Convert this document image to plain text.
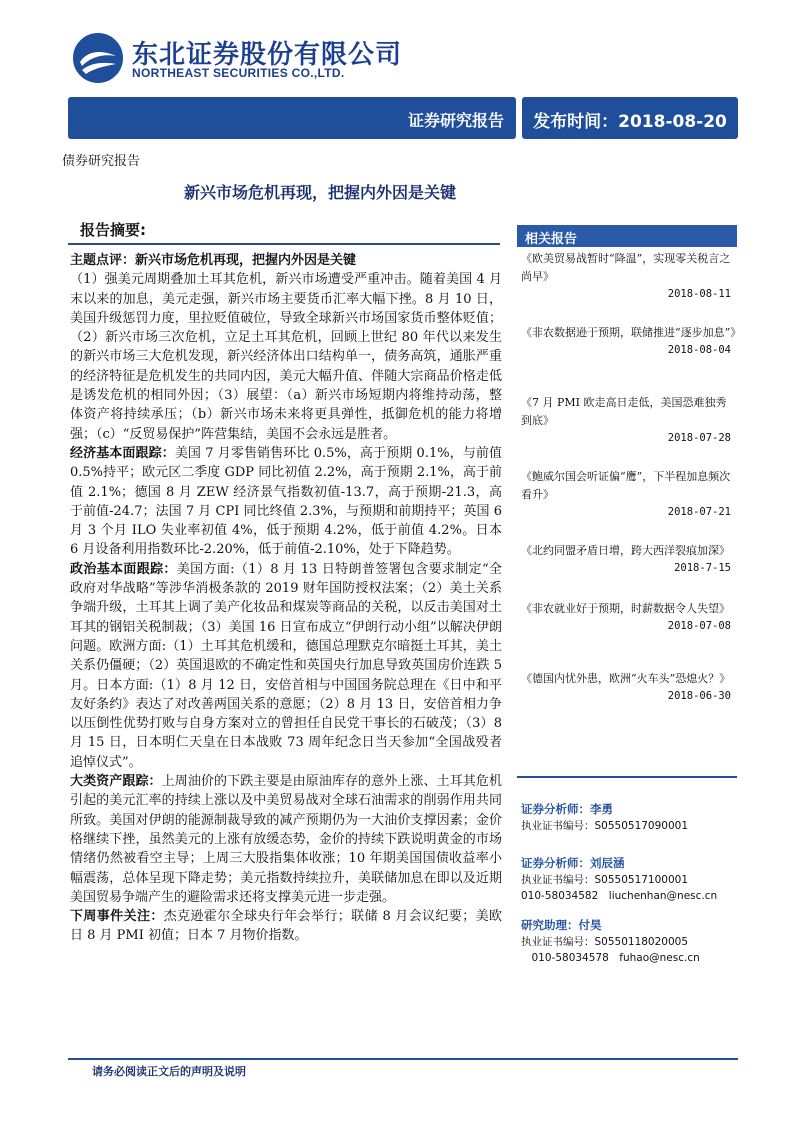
东北证券股份有限公司
NORTHEAST SECURITIES CO.,LTD.
证券研究报告	发布时间：2018-08-20
债券研究报告
新兴市场危机再现，把握内外因是关键
报告摘要:

主题点评：新兴市场危机再现，把握内外因是关键
（1）强美元周期叠加土耳其危机，新兴市场遭受严重冲击。随着美国 4 月末以来的加息，美元走强，新兴市场主要货币汇率大幅下挫。8 月 10 日，美国升级惩罚力度，里拉贬值破位，导致全球新兴市场国家货币整体贬值；（2）新兴市场三次危机，立足土耳其危机，回顾上世纪 80 年代以来发生的新兴市场三大危机发现，新兴经济体出口结构单一，债务高筑，通胀严重的经济特征是危机发生的共同内因，美元大幅升值、伴随大宗商品价格走低是诱发危机的相同外因；（3）展望：（a）新兴市场短期内将维持动荡，整体资产将持续承压；（b）新兴市场未来将更具弹性，抵御危机的能力将增强；（c）“反贸易保护”阵营集结，美国不会永远是胜者。

经济基本面跟踪：美国 7 月零售销售环比 0.5%，高于预期 0.1%，与前值 0.5%持平；欧元区二季度 GDP 同比初值 2.2%，高于预期 2.1%，高于前值 2.1%；德国 8 月 ZEW 经济景气指数初值-13.7，高于预期-21.3，高于前值-24.7；法国 7 月 CPI 同比终值 2.3%，与预期和前期持平；英国 6 月 3 个月 ILO 失业率初值 4%，低于预期 4.2%，低于前值 4.2%。日本 6 月设备利用指数环比-2.20%，低于前值-2.10%，处于下降趋势。

政治基本面跟踪：美国方面:（1）8 月 13 日特朗普签署包含要求制定“全政府对华战略”等涉华消极条款的 2019 财年国防授权法案；（2）美土关系争端升级，土耳其上调了美产化妆品和煤炭等商品的关税，以反击美国对土耳其的钢铝关税制裁；（3）美国 16 日宣布成立“伊朗行动小组”以解决伊朗问题。欧洲方面:（1）土耳其危机缓和，德国总理默克尔暗挺土耳其，美土关系仍僵硬；（2）英国退欧的不确定性和英国央行加息导致英国房价连跌 5 月。日本方面:（1）8 月 12 日，安倍首相与中国国务院总理在《日中和平友好条约》表达了对改善两国关系的意愿；（2）8 月 13 日，安倍首相力争以压倒性优势打败与自身方案对立的曾担任自民党干事长的石破茂；（3）8 月 15 日，日本明仁天皇在日本战败 73 周年纪念日当天参加“全国战殁者追悼仪式”。

大类资产跟踪：上周油价的下跌主要是由原油库存的意外上涨、土耳其危机引起的美元汇率的持续上涨以及中美贸易战对全球石油需求的削弱作用共同所致。美国对伊朗的能源制裁导致的减产预期仍为一大油价支撑因素；金价格继续下挫，虽然美元的上涨有放缓态势，金价的持续下跌说明黄金的市场情绪仍然被看空主导；上周三大股指集体收涨；10 年期美国国债收益率小幅震荡，总体呈现下降走势；美元指数持续拉升，美联储加息在即以及近期美国贸易争端产生的避险需求还将支撑美元进一步走强。

下周事件关注：杰克逊霍尔全球央行年会举行；联储 8 月会议纪要；美欧日 8 月 PMI 初值；日本 7 月物价指数。

相关报告
《欧美贸易战暂时“降温”，实现零关税言之尚早》
2018-08-11
《非农数据逊于预期，联储推进“逐步加息”》
2018-08-04
《7 月 PMI 欧走高日走低，美国恐难独秀到底》
2018-07-28
《鲍威尔国会听证偏“鹰”，下半程加息频次看升》
2018-07-21
《北约同盟矛盾日增，跨大西洋裂痕加深》
2018-7-15
《非农就业好于预期，时薪数据令人失望》
2018-07-08
《德国内忧外患，欧洲“火车头”恐熄火？》
2018-06-30
证券分析师：李勇
执业证书编号：S0550517090001
证券分析师：刘辰涵
执业证书编号：S0550517100001
010-58034582　liuchenhan@nesc.cn
研究助理：付昊
执业证书编号：S0550118020005
　010-58034578　fuhao@nesc.cn
请务必阅读正文后的声明及说明
